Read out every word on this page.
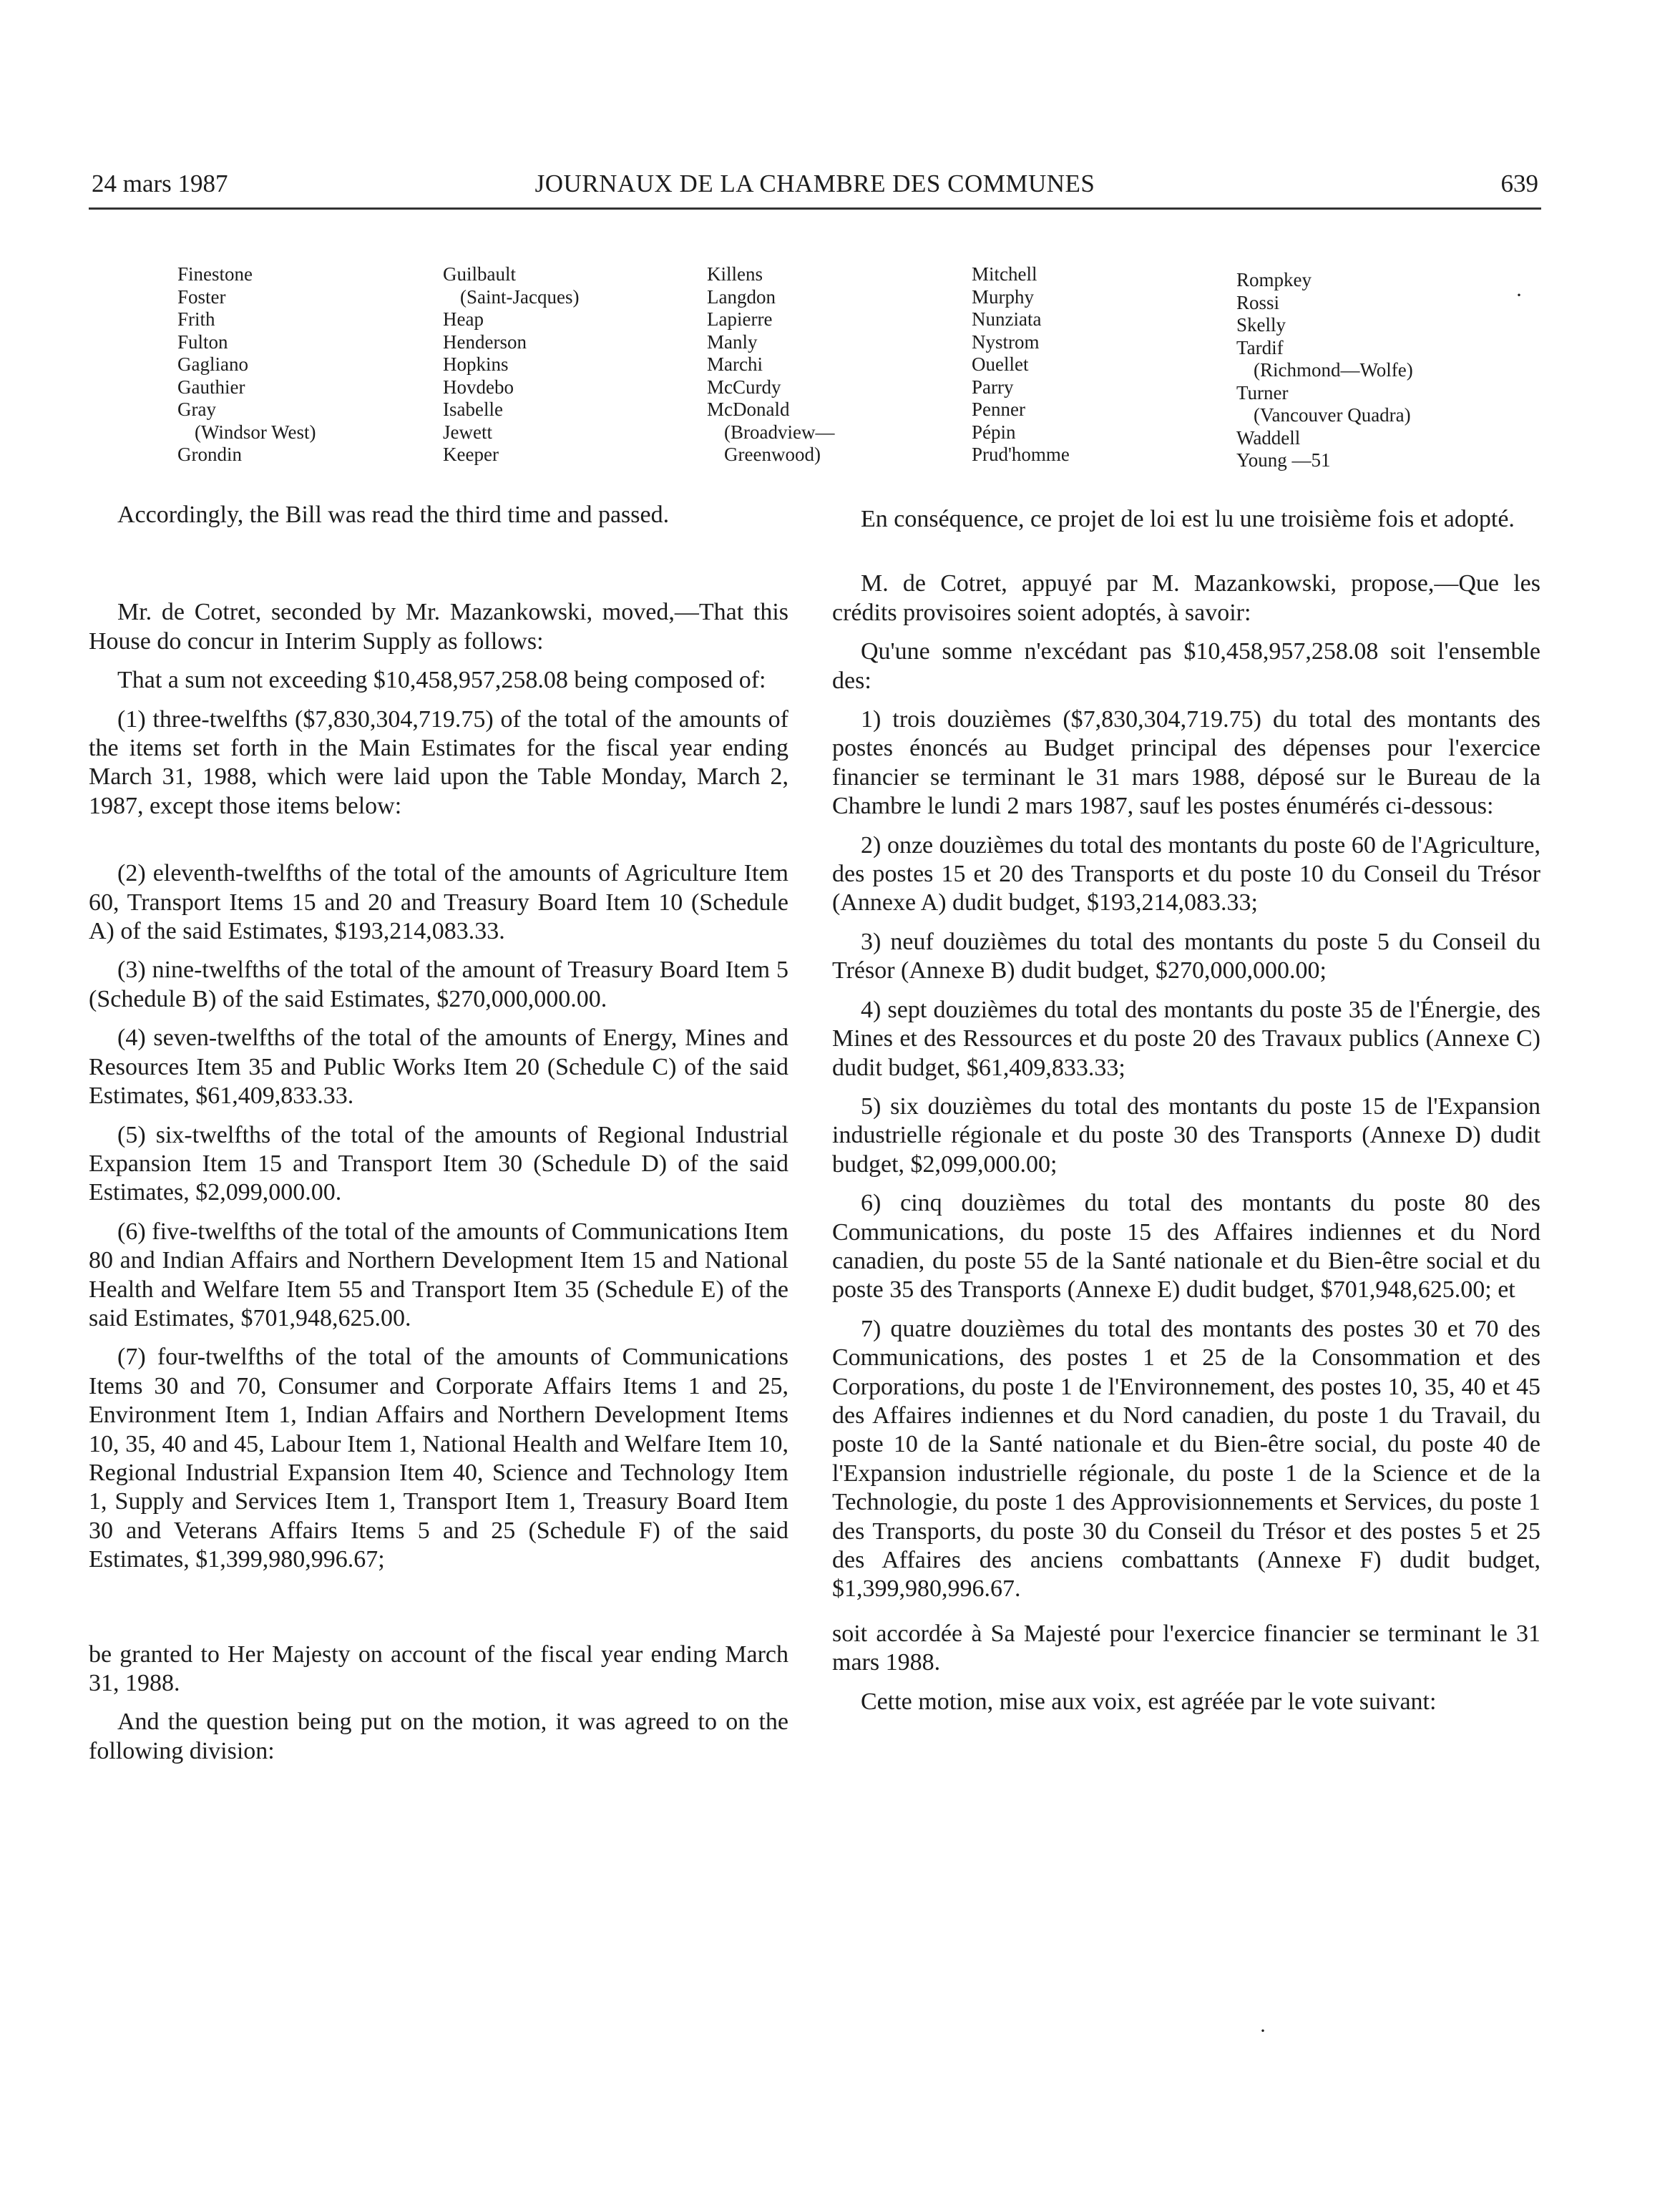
24 mars 1987	JOURNAUX DE LA CHAMBRE DES COMMUNES	639
Finestone
Foster
Frith
Fulton
Gagliano
Gauthier
Gray
(Windsor West)
Grondin
Guilbault
(Saint-Jacques)
Heap
Henderson
Hopkins
Hovdebo
Isabelle
Jewett
Keeper
Killens
Langdon
Lapierre
Manly
Marchi
McCurdy
McDonald
(Broadview—
Greenwood)
Mitchell
Murphy
Nunziata
Nystrom
Ouellet
Parry
Penner
Pépin
Prud'homme
Rompkey
Rossi
Skelly
Tardif
(Richmond—Wolfe)
Turner
(Vancouver Quadra)
Waddell
Young —51
·

Accordingly, the Bill was read the third time and passed.

Mr. de Cotret, seconded by Mr. Mazankowski, moved,—That this House do concur in Interim Supply as follows:

That a sum not exceeding $10,458,957,258.08 being composed of:

(1) three-twelfths ($7,830,304,719.75) of the total of the amounts of the items set forth in the Main Estimates for the fiscal year ending March 31, 1988, which were laid upon the Table Monday, March 2, 1987, except those items below:

(2) eleventh-twelfths of the total of the amounts of Agriculture Item 60, Transport Items 15 and 20 and Treasury Board Item 10 (Schedule A) of the said Estimates, $193,214,083.33.

(3) nine-twelfths of the total of the amount of Treasury Board Item 5 (Schedule B) of the said Estimates, $270,000,000.00.

(4) seven-twelfths of the total of the amounts of Energy, Mines and Resources Item 35 and Public Works Item 20 (Schedule C) of the said Estimates, $61,409,833.33.

(5) six-twelfths of the total of the amounts of Regional Industrial Expansion Item 15 and Transport Item 30 (Schedule D) of the said Estimates, $2,099,000.00.

(6) five-twelfths of the total of the amounts of Communications Item 80 and Indian Affairs and Northern Development Item 15 and National Health and Welfare Item 55 and Transport Item 35 (Schedule E) of the said Estimates, $701,948,625.00.

(7) four-twelfths of the total of the amounts of Communications Items 30 and 70, Consumer and Corporate Affairs Items 1 and 25, Environment Item 1, Indian Affairs and Northern Development Items 10, 35, 40 and 45, Labour Item 1, National Health and Welfare Item 10, Regional Industrial Expansion Item 40, Science and Technology Item 1, Supply and Services Item 1, Transport Item 1, Treasury Board Item 30 and Veterans Affairs Items 5 and 25 (Schedule F) of the said Estimates, $1,399,980,996.67;

be granted to Her Majesty on account of the fiscal year ending March 31, 1988.

And the question being put on the motion, it was agreed to on the following division:

En conséquence, ce projet de loi est lu une troisième fois et adopté.

M. de Cotret, appuyé par M. Mazankowski, propose,—Que les crédits provisoires soient adoptés, à savoir:

Qu'une somme n'excédant pas $10,458,957,258.08 soit l'ensemble des:

1) trois douzièmes ($7,830,304,719.75) du total des montants des postes énoncés au Budget principal des dépenses pour l'exercice financier se terminant le 31 mars 1988, déposé sur le Bureau de la Chambre le lundi 2 mars 1987, sauf les postes énumérés ci-dessous:

2) onze douzièmes du total des montants du poste 60 de l'Agriculture, des postes 15 et 20 des Transports et du poste 10 du Conseil du Trésor (Annexe A) dudit budget, $193,214,083.33;

3) neuf douzièmes du total des montants du poste 5 du Conseil du Trésor (Annexe B) dudit budget, $270,000,000.00;

4) sept douzièmes du total des montants du poste 35 de l'Énergie, des Mines et des Ressources et du poste 20 des Travaux publics (Annexe C) dudit budget, $61,409,833.33;

5) six douzièmes du total des montants du poste 15 de l'Expansion industrielle régionale et du poste 30 des Transports (Annexe D) dudit budget, $2,099,000.00;

6) cinq douzièmes du total des montants du poste 80 des Communications, du poste 15 des Affaires indiennes et du Nord canadien, du poste 55 de la Santé nationale et du Bien-être social et du poste 35 des Transports (Annexe E) dudit budget, $701,948,625.00; et

7) quatre douzièmes du total des montants des postes 30 et 70 des Communications, des postes 1 et 25 de la Consommation et des Corporations, du poste 1 de l'Environnement, des postes 10, 35, 40 et 45 des Affaires indiennes et du Nord canadien, du poste 1 du Travail, du poste 10 de la Santé nationale et du Bien-être social, du poste 40 de l'Expansion industrielle régionale, du poste 1 de la Science et de la Technologie, du poste 1 des Approvisionnements et Services, du poste 1 des Transports, du poste 30 du Conseil du Trésor et des postes 5 et 25 des Affaires des anciens combattants (Annexe F) dudit budget, $1,399,980,996.67.

soit accordée à Sa Majesté pour l'exercice financier se terminant le 31 mars 1988.

Cette motion, mise aux voix, est agréée par le vote suivant:

·
